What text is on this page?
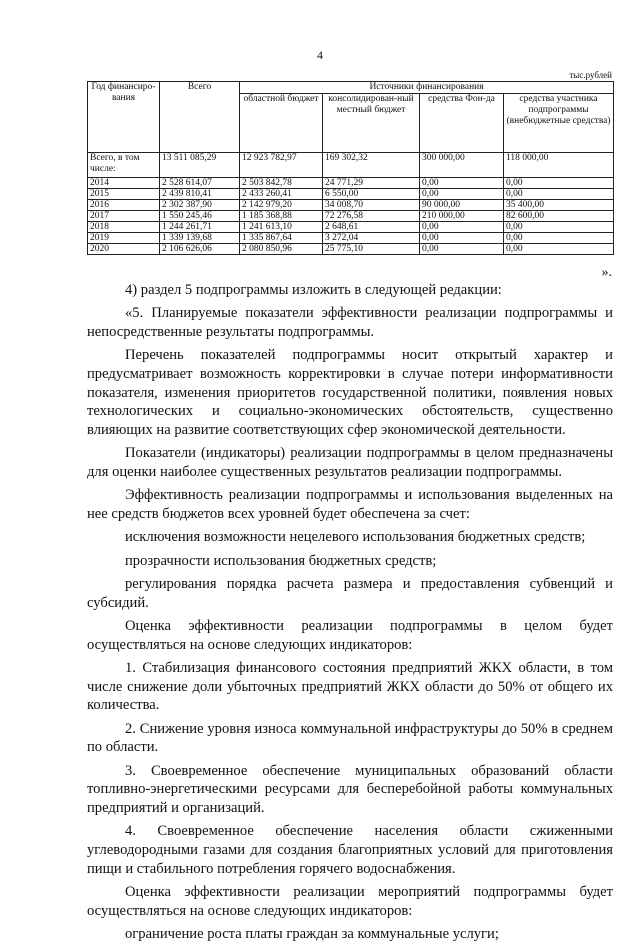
4
тыс.рублей
Год финансиро-вания	Всего	Источники финансирования			
		областной бюджет	консолидирован-ный местный бюджет	средства Фон-да	средства участника подпрограммы (внебюджетные средства)
Всего, в том числе:	13 511 085,29	12 923 782,97	169 302,32	300 000,00	118 000,00
2014	2 528 614,07	2 503 842,78	24 771,29	0,00	0,00
2015	2 439 810,41	2 433 260,41	6 550,00	0,00	0,00
2016	2 302 387,90	2 142 979,20	34 008,70	90 000,00	35 400,00
2017	1 550 245,46	1 185 368,88	72 276,58	210 000,00	82 600,00
2018	1 244 261,71	1 241 613,10	2 648,61	0,00	0,00
2019	1 339 139,68	1 335 867,64	3 272,04	0,00	0,00
2020	2 106 626,06	2 080 850,96	25 775,10	0,00	0,00
».

4) раздел 5 подпрограммы изложить в следующей редакции:

«5. Планируемые показатели эффективности реализации подпрограммы и непосредственные результаты подпрограммы.

Перечень показателей подпрограммы носит открытый характер и предусматривает возможность корректировки в случае потери информативности показателя, изменения приоритетов государственной политики, появления новых технологических и социально-экономических обстоятельств, существенно влияющих на развитие соответствующих сфер экономической деятельности.

Показатели (индикаторы) реализации подпрограммы в целом предназначены для оценки наиболее существенных результатов реализации подпрограммы.

Эффективность реализации подпрограммы и использования выделенных на нее средств бюджетов всех уровней будет обеспечена за счет:

исключения возможности нецелевого использования бюджетных средств;

прозрачности использования бюджетных средств;

регулирования порядка расчета размера и предоставления субвенций и субсидий.

Оценка эффективности реализации подпрограммы в целом будет осуществляться на основе следующих индикаторов:

1. Стабилизация финансового состояния предприятий ЖКХ области, в том числе снижение доли убыточных предприятий ЖКХ области до 50% от общего их количества.

2. Снижение уровня износа коммунальной инфраструктуры до 50% в среднем по области.

3. Своевременное обеспечение муниципальных образований области топливно-энергетическими ресурсами для бесперебойной работы коммунальных предприятий и организаций.

4. Своевременное обеспечение населения области сжиженными углеводородными газами для создания благоприятных условий для приготовления пищи и стабильного потребления горячего водоснабжения.

Оценка эффективности реализации мероприятий подпрограммы будет осуществляться на основе следующих индикаторов:

ограничение роста платы граждан за коммунальные услуги;
